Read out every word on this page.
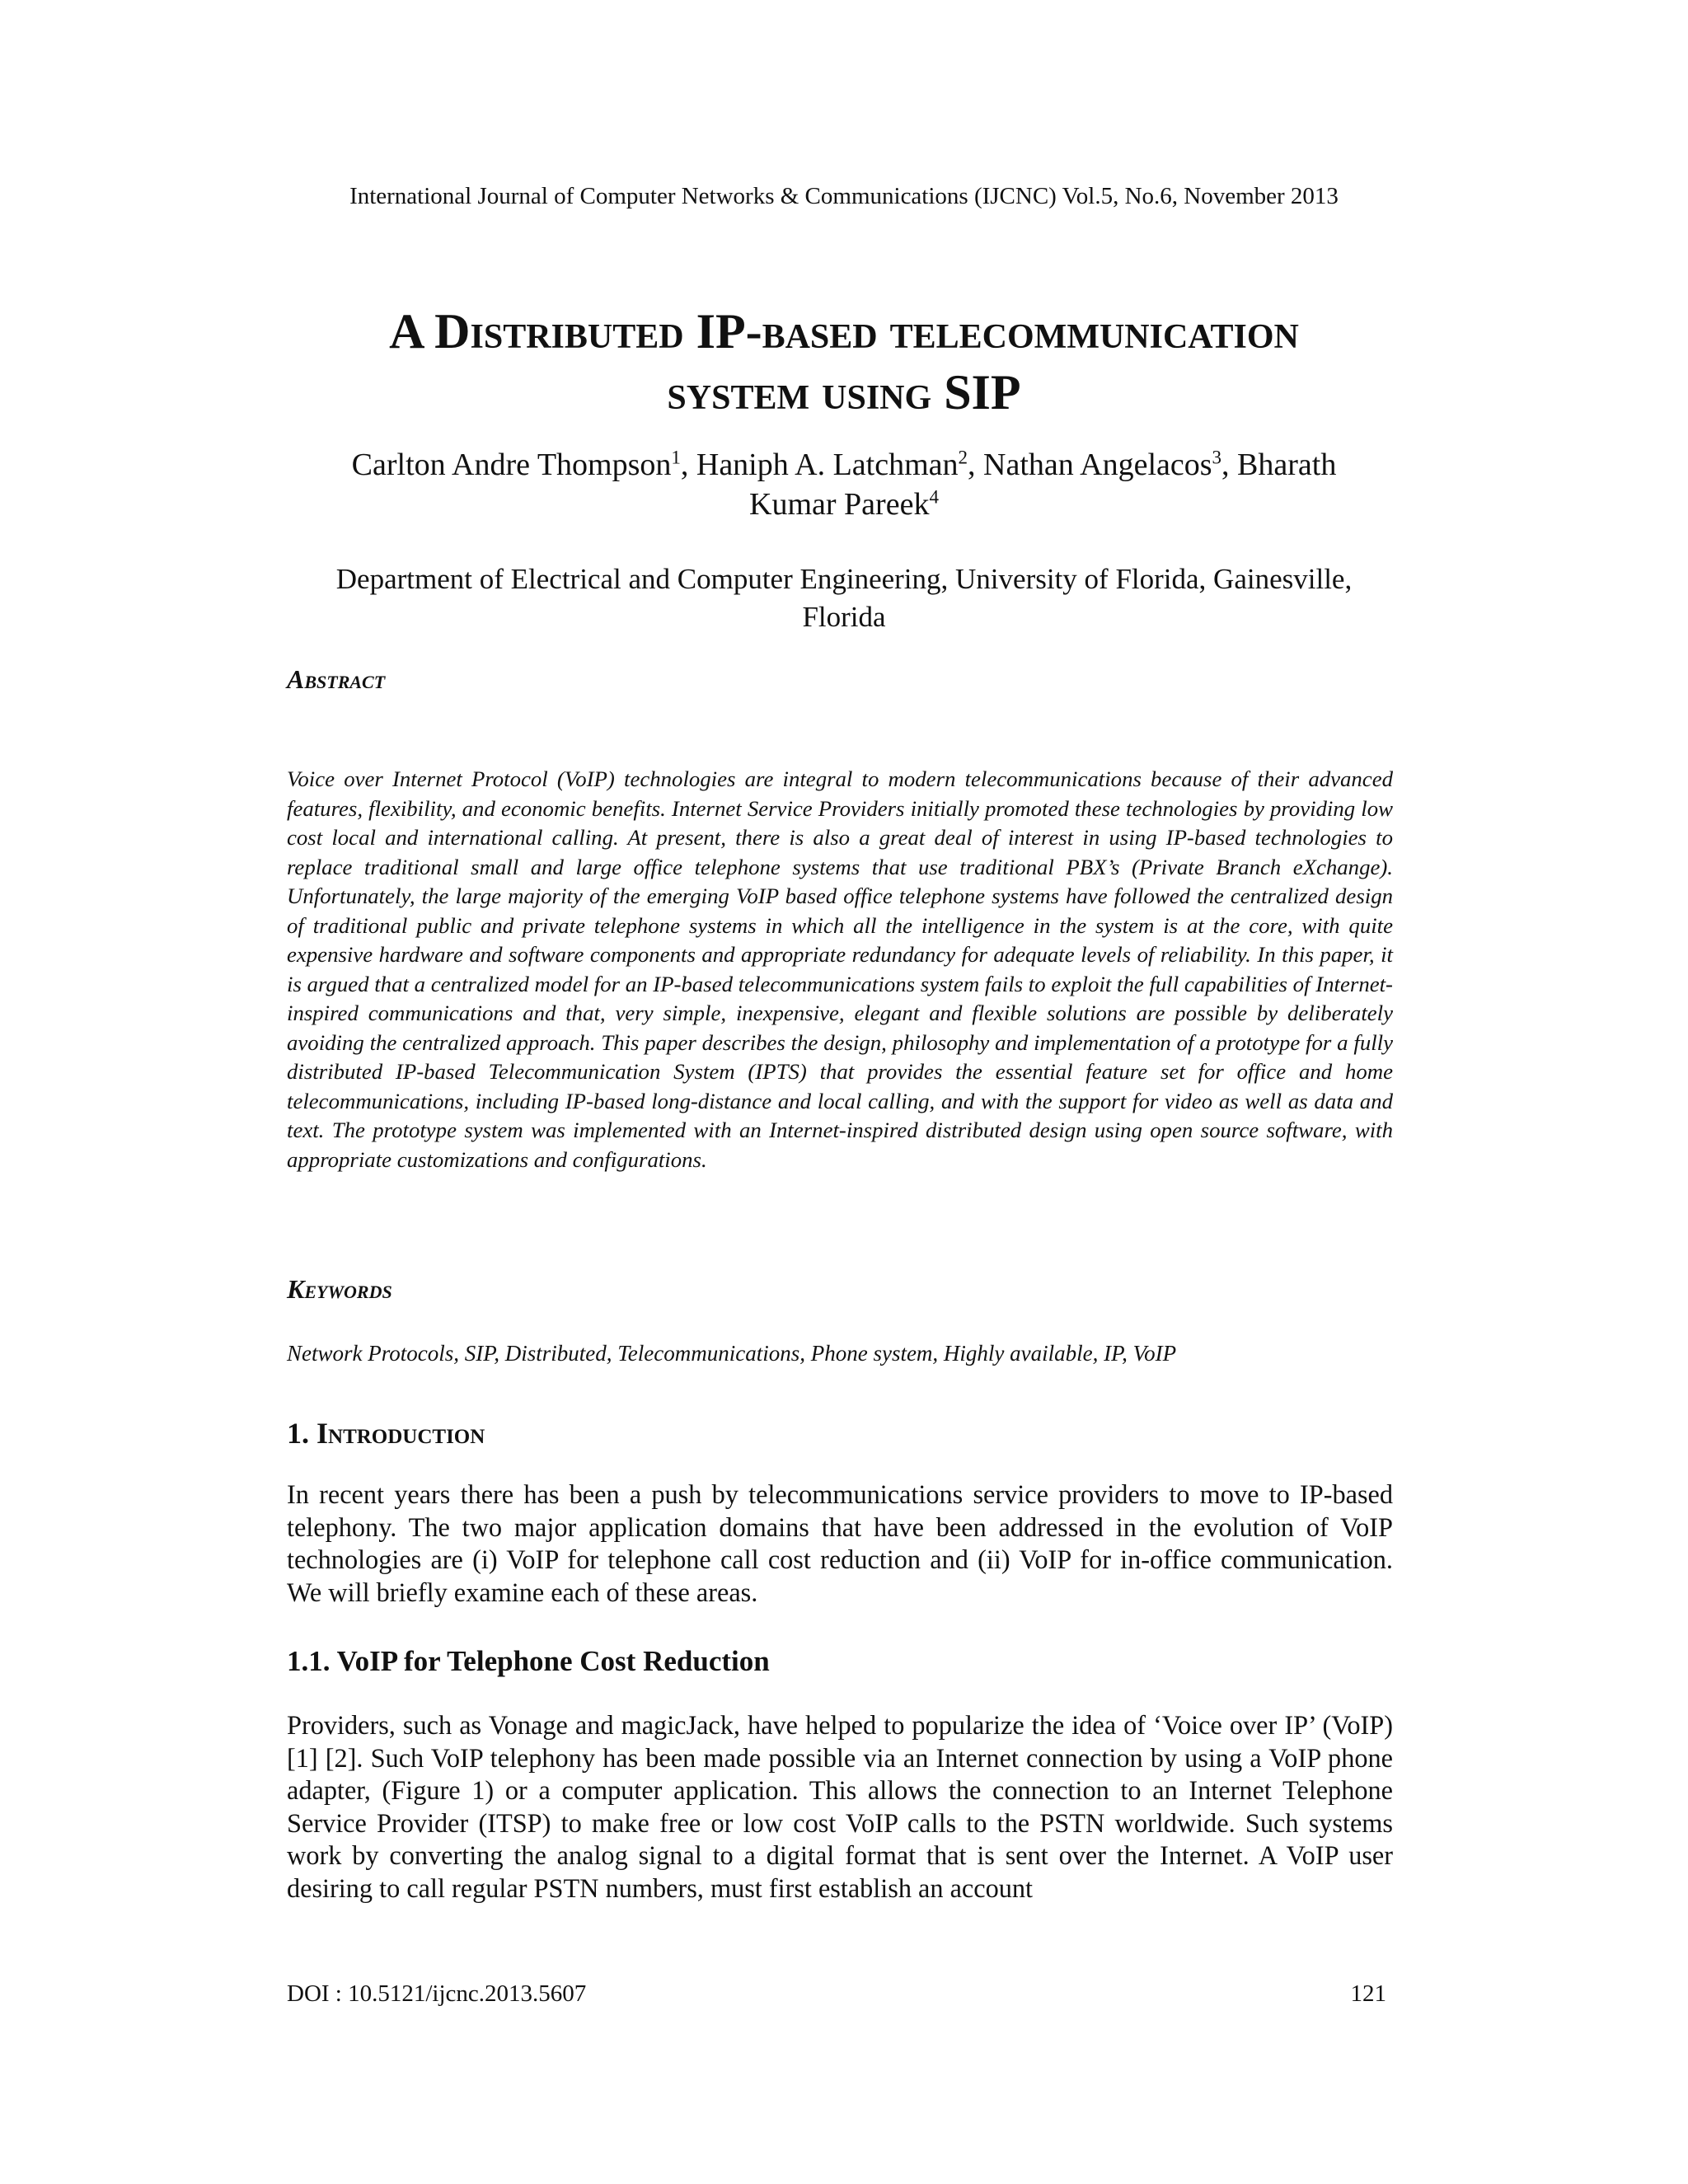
International Journal of Computer Networks & Communications (IJCNC) Vol.5, No.6, November 2013
A Distributed IP-based telecommunication
system using SIP
Carlton Andre Thompson$^1$, Haniph A. Latchman$^2$, Nathan Angelacos$^3$, Bharath
Kumar Pareek$^4$
Department of Electrical and Computer Engineering, University of Florida, Gainesville,
Florida
Abstract
Voice over Internet Protocol (VoIP) technologies are integral to modern telecommunications because of their advanced features, flexibility, and economic benefits. Internet Service Providers initially promoted these technologies by providing low cost local and international calling. At present, there is also a great deal of interest in using IP-based technologies to replace traditional small and large office telephone systems that use traditional PBX’s (Private Branch eXchange). Unfortunately, the large majority of the emerging VoIP based office telephone systems have followed the centralized design of traditional public and private telephone systems in which all the intelligence in the system is at the core, with quite expensive hardware and software components and appropriate redundancy for adequate levels of reliability. In this paper, it is argued that a centralized model for an IP-based telecommunications system fails to exploit the full capabilities of Internet-inspired communications and that, very simple, inexpensive, elegant and flexible solutions are possible by deliberately avoiding the centralized approach. This paper describes the design, philosophy and implementation of a prototype for a fully distributed IP-based Telecommunication System (IPTS) that provides the essential feature set for office and home telecommunications, including IP-based long-distance and local calling, and with the support for video as well as data and text. The prototype system was implemented with an Internet-inspired distributed design using open source software, with appropriate customizations and configurations.
Keywords
Network Protocols, SIP, Distributed, Telecommunications, Phone system, Highly available, IP, VoIP
1. Introduction
In recent years there has been a push by telecommunications service providers to move to IP-based telephony. The two major application domains that have been addressed in the evolution of VoIP technologies are (i) VoIP for telephone call cost reduction and (ii) VoIP for in-office communication. We will briefly examine each of these areas.
1.1. VoIP for Telephone Cost Reduction
Providers, such as Vonage and magicJack, have helped to popularize the idea of ‘Voice over IP’ (VoIP) [1] [2]. Such VoIP telephony has been made possible via an Internet connection by using a VoIP phone adapter, (Figure 1) or a computer application. This allows the connection to an Internet Telephone Service Provider (ITSP) to make free or low cost VoIP calls to the PSTN worldwide. Such systems work by converting the analog signal to a digital format that is sent over the Internet. A VoIP user desiring to call regular PSTN numbers, must first establish an account
DOI : 10.5121/ijcnc.2013.5607	121
